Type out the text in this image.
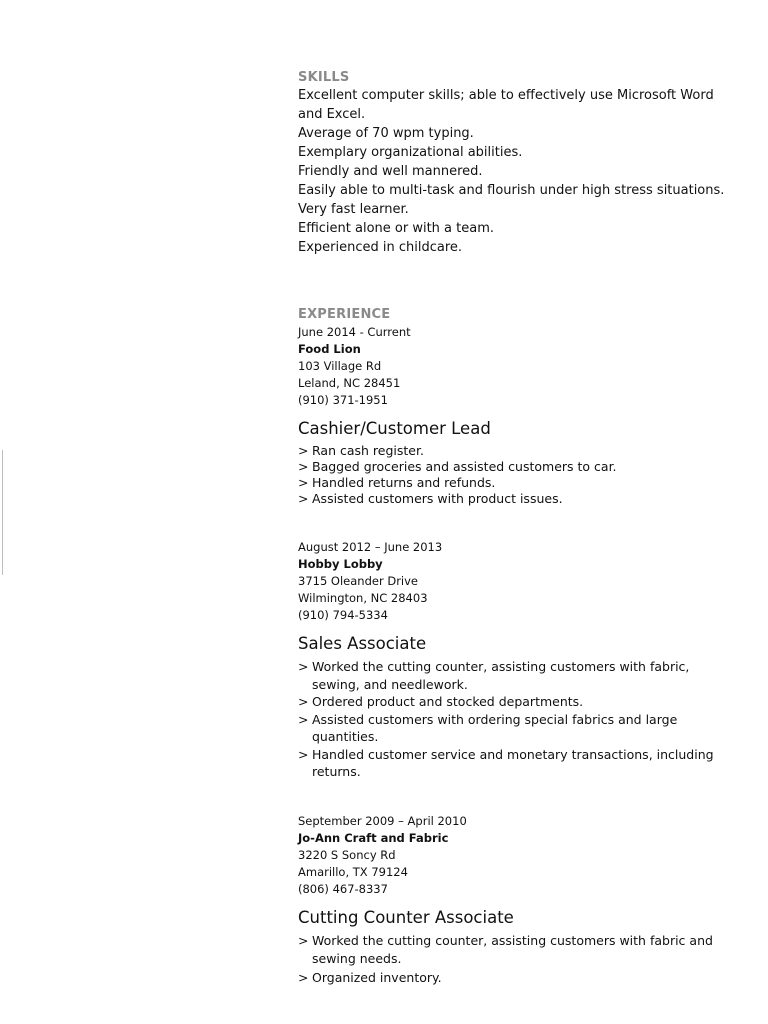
SKILLS
Excellent computer skills; able to effectively use Microsoft Word and Excel.
Average of 70 wpm typing.
Exemplary organizational abilities.
Friendly and well mannered.
Easily able to multi-task and flourish under high stress situations.
Very fast learner.
Efficient alone or with a team.
Experienced in childcare.
EXPERIENCE

June 2014 - Current

Food Lion

103 Village Rd

Leland, NC 28451

(910) 371-1951

Cashier/Customer Lead
> Ran cash register.
> Bagged groceries and assisted customers to car.
> Handled returns and refunds.
> Assisted customers with product issues.

August 2012 – June 2013

Hobby Lobby

3715 Oleander Drive

Wilmington, NC 28403

(910) 794-5334

Sales Associate
> Worked the cutting counter, assisting customers with fabric, sewing, and needlework.
> Ordered product and stocked departments.
> Assisted customers with ordering special fabrics and large quantities.
> Handled customer service and monetary transactions, including returns.

September 2009 – April 2010

Jo-Ann Craft and Fabric

3220 S Soncy Rd

Amarillo, TX 79124

(806) 467-8337

Cutting Counter Associate
> Worked the cutting counter, assisting customers with fabric and sewing needs.
> Organized inventory.
